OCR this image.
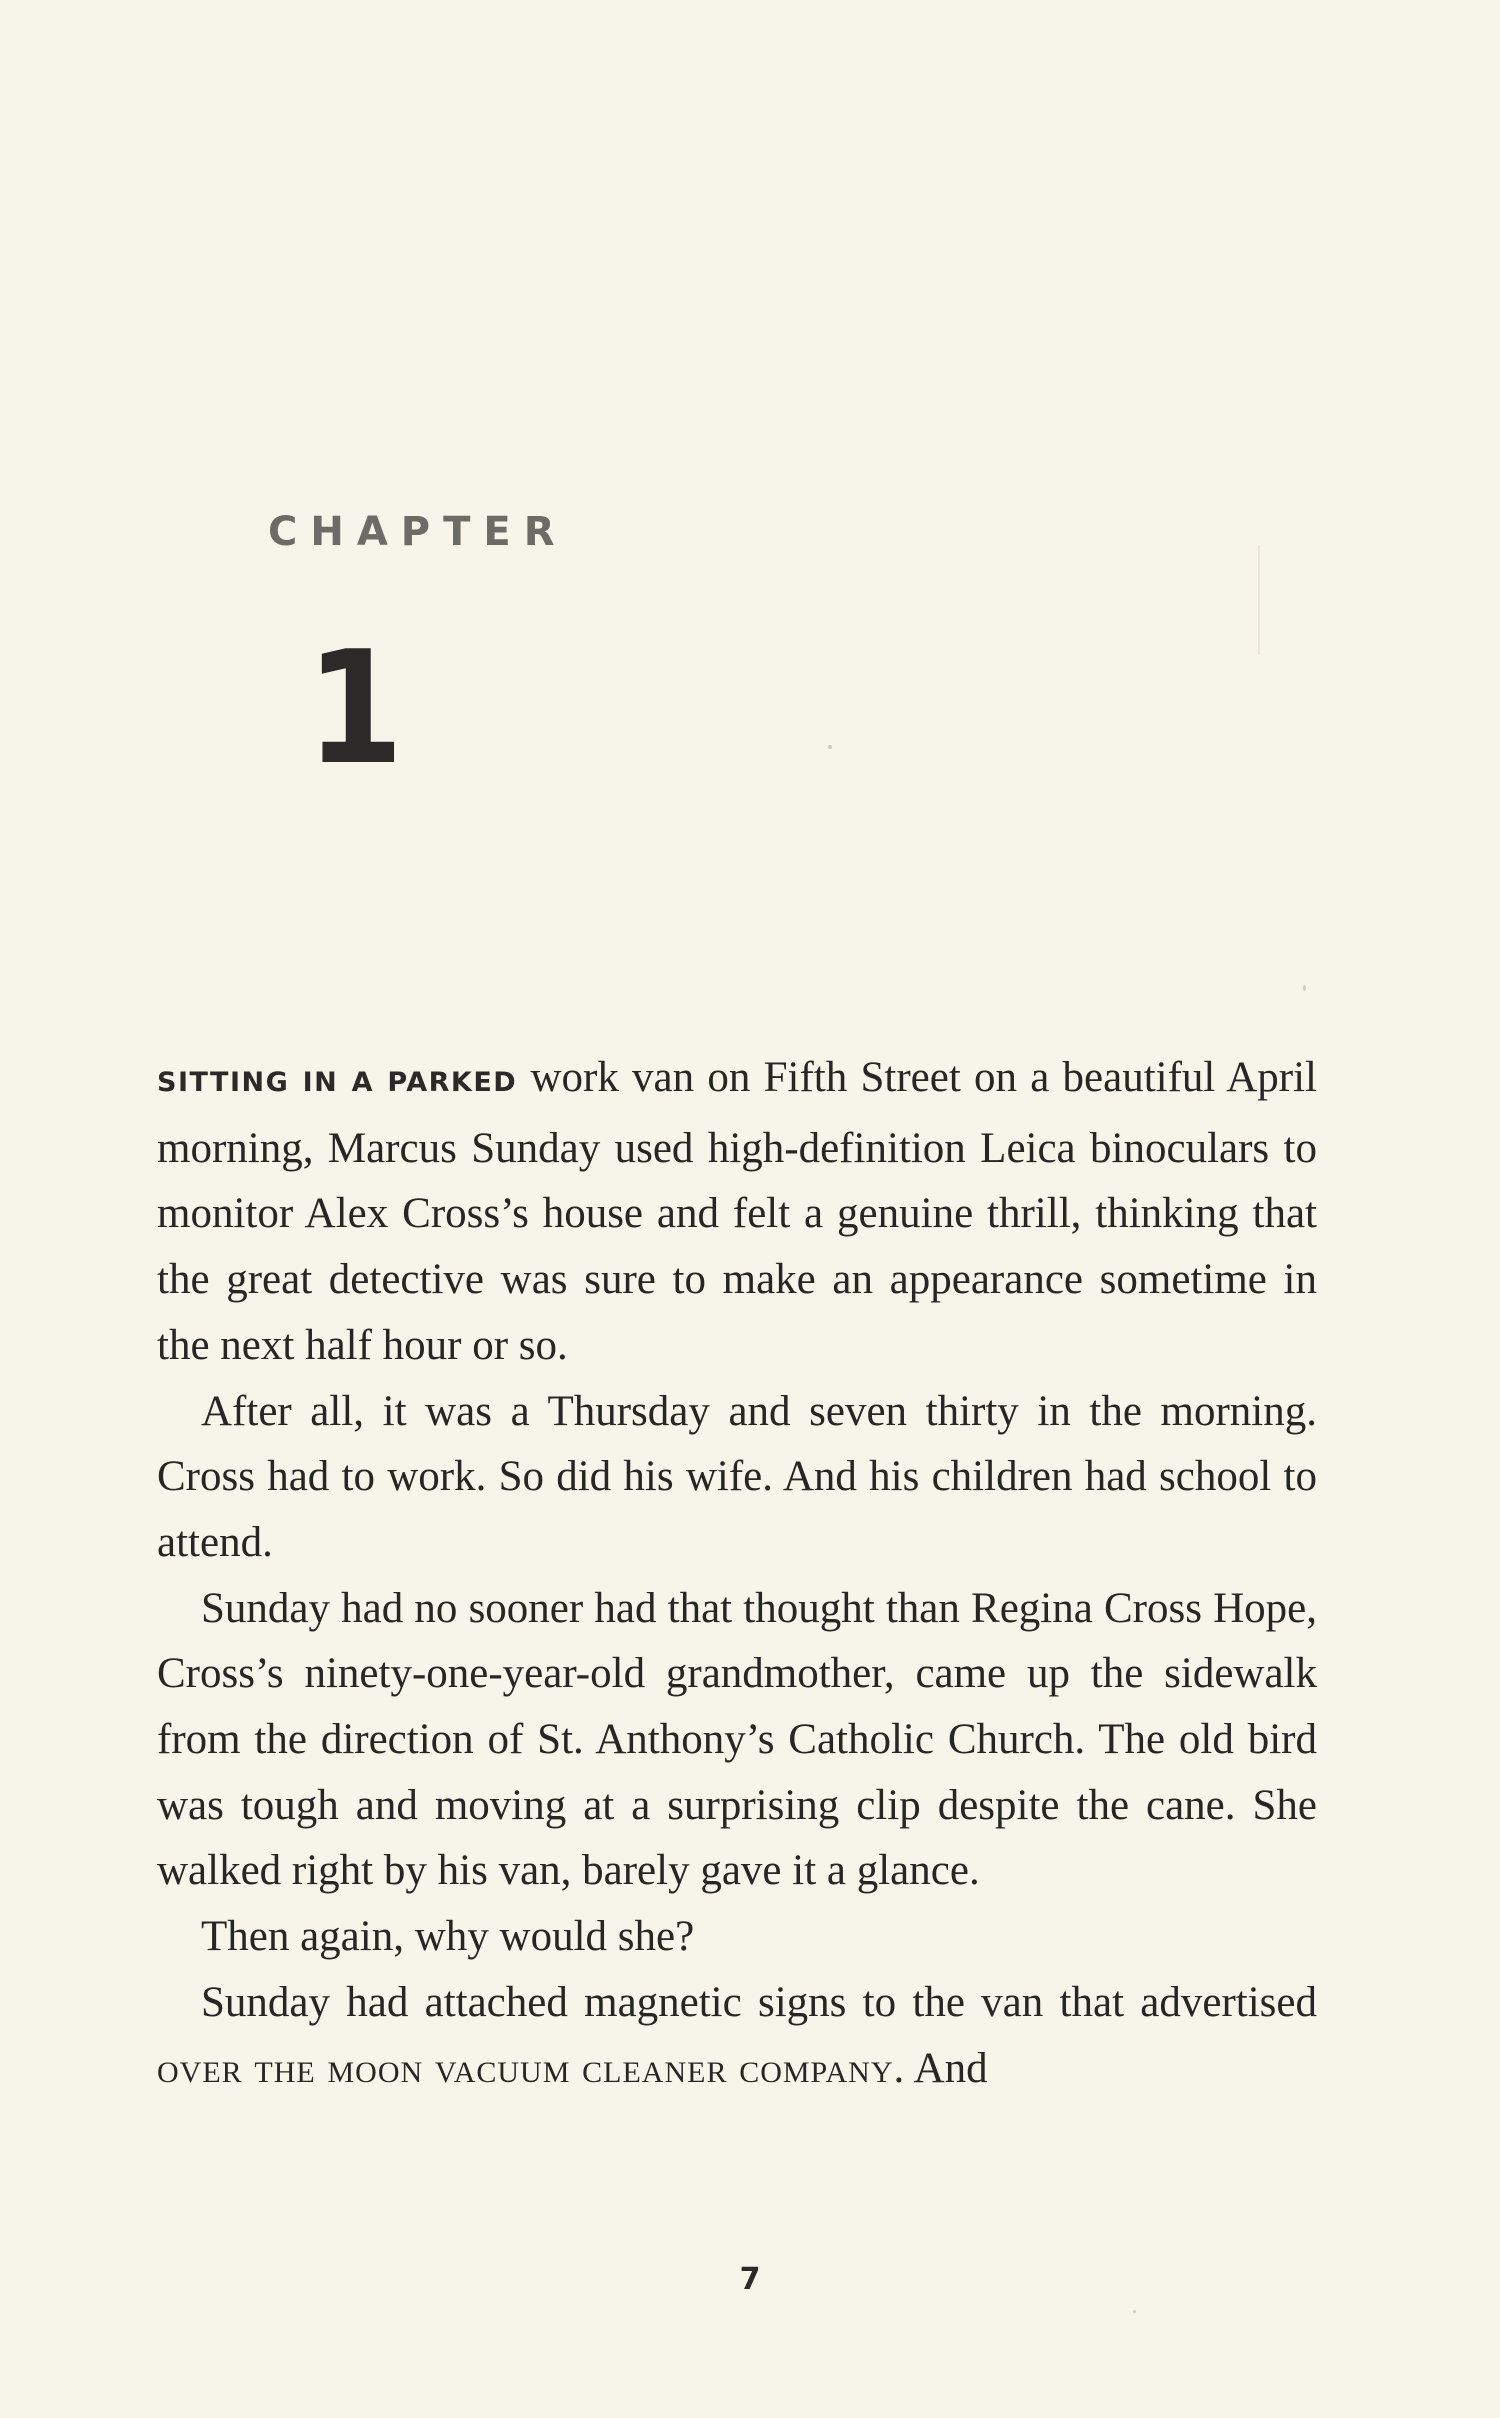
CHAPTER
1

SITTING IN A PARKED work van on Fifth Street on a beautiful April morning, Marcus Sunday used high-definition Leica binoculars to monitor Alex Cross’s house and felt a genuine thrill, thinking that the great detective was sure to make an appearance sometime in the next half hour or so.

After all, it was a Thursday and seven thirty in the morning. Cross had to work. So did his wife. And his children had school to attend.

Sunday had no sooner had that thought than Regina Cross Hope, Cross’s ninety-one-year-old grandmother, came up the sidewalk from the direction of St. Anthony’s Catholic Church. The old bird was tough and moving at a surprising clip despite the cane. She walked right by his van, barely gave it a glance.

Then again, why would she?

Sunday had attached magnetic signs to the van that advertised over the moon vacuum cleaner company. And

7
